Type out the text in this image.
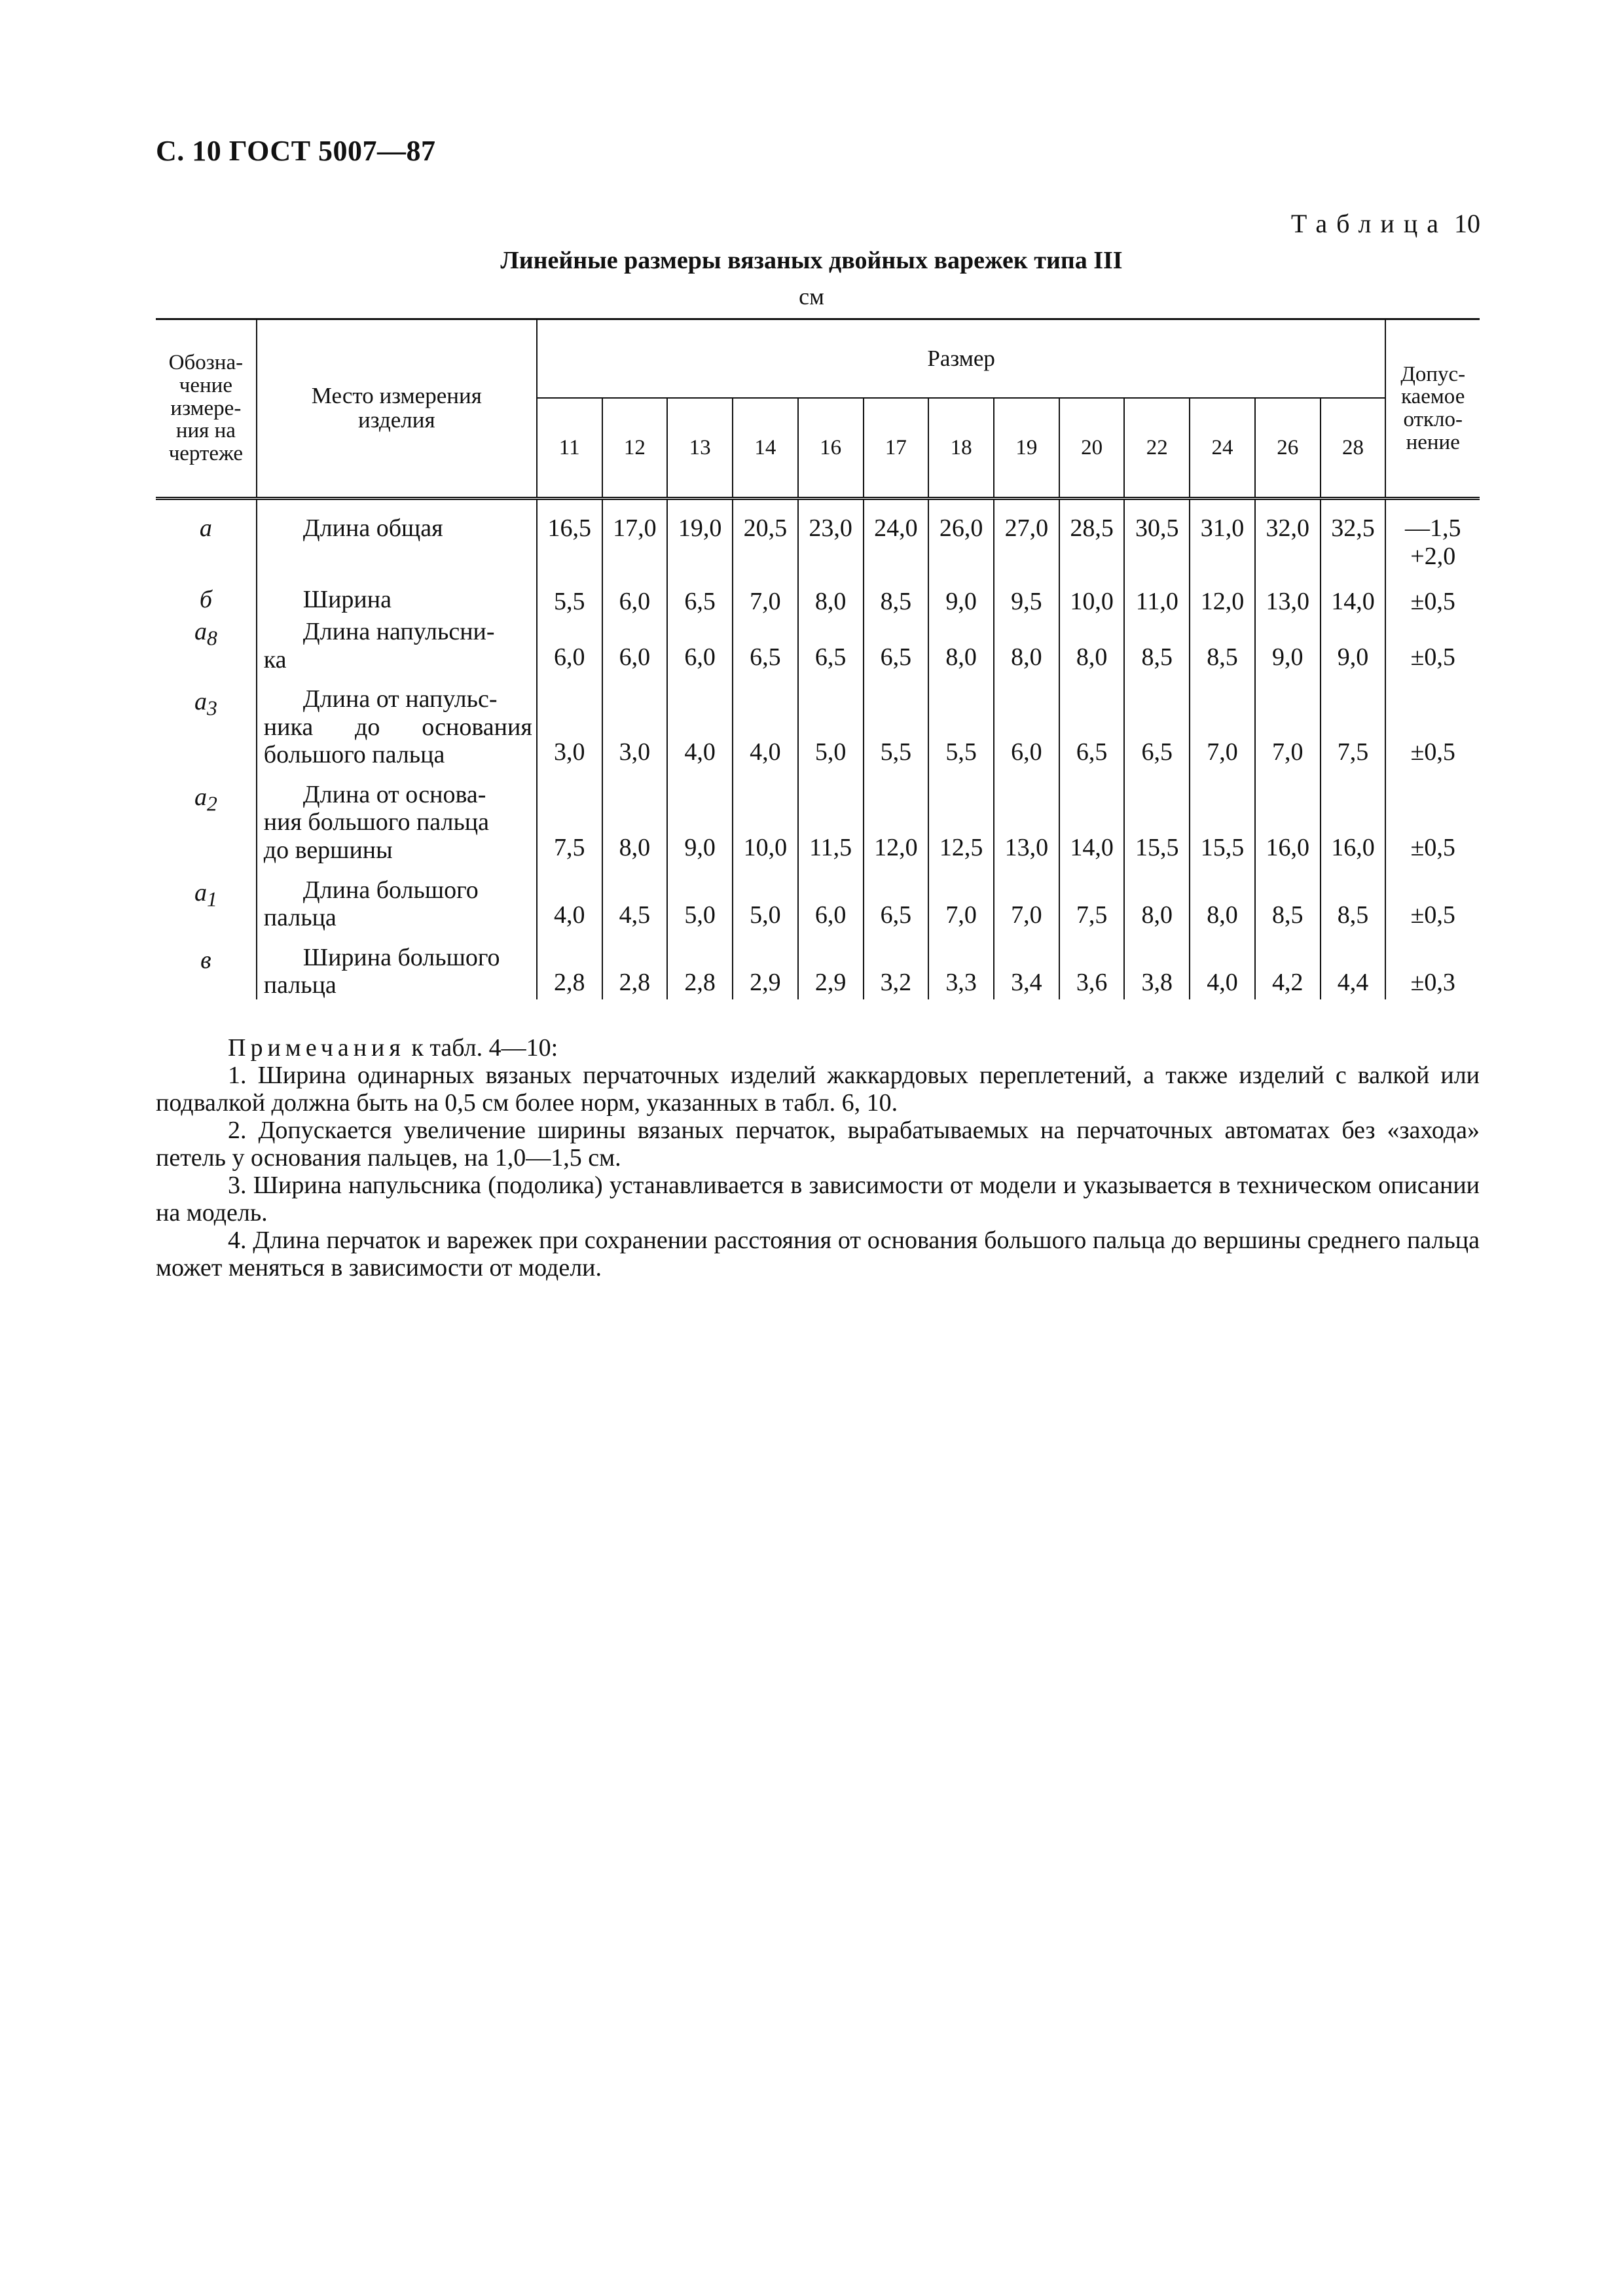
С. 10 ГОСТ 5007—87
Таблица 10
Линейные размеры вязаных двойных варежек типа III
см
Обозна-
чение
измере-
ния на
чертеже	Место измерения
изделия	Размер													Допус-
каемое
откло-
нение

		11	12	13	14	16	17	18	19	20	22	24	26	28	
а	Длина общая	16,5	17,0	19,0	20,5	23,0	24,0	26,0	27,0	28,5	30,5	31,0	32,0	32,5	—1,5
+2,0

б	Ширина	5,5	6,0	6,5	7,0	8,0	8,5	9,0	9,5	10,0	11,0	12,0	13,0	14,0	±0,5
$а_8$	Длина напульсни-
ка	6,0	6,0	6,0	6,5	6,5	6,5	8,0	8,0	8,0	8,5	8,5	9,0	9,0	±0,5
$а_3$	Длина от напульс-
ника до основания
большого пальца	3,0	3,0	4,0	4,0	5,0	5,5	5,5	6,0	6,5	6,5	7,0	7,0	7,5	±0,5
$а_2$	Длина от основа-
ния большого пальца
до вершины	7,5	8,0	9,0	10,0	11,5	12,0	12,5	13,0	14,0	15,5	15,5	16,0	16,0	±0,5
$а_1$	Длина большого
пальца	4,0	4,5	5,0	5,0	6,0	6,5	7,0	7,0	7,5	8,0	8,0	8,5	8,5	±0,5
в	Ширина большого
пальца	2,8	2,8	2,8	2,9	2,9	3,2	3,3	3,4	3,6	3,8	4,0	4,2	4,4	±0,3
Примечания к табл. 4—10:

1. Ширина одинарных вязаных перчаточных изделий жаккардовых переплетений, а также изделий с валкой или подвалкой должна быть на 0,5 см более норм, указанных в табл. 6, 10.

2. Допускается увеличение ширины вязаных перчаток, вырабатываемых на перчаточных автоматах без «захода» петель у основания пальцев, на 1,0—1,5 см.

3. Ширина напульсника (подолика) устанавливается в зависимости от модели и указывается в техническом описании на модель.

4. Длина перчаток и варежек при сохранении расстояния от основания большого пальца до вершины среднего пальца может меняться в зависимости от модели.
